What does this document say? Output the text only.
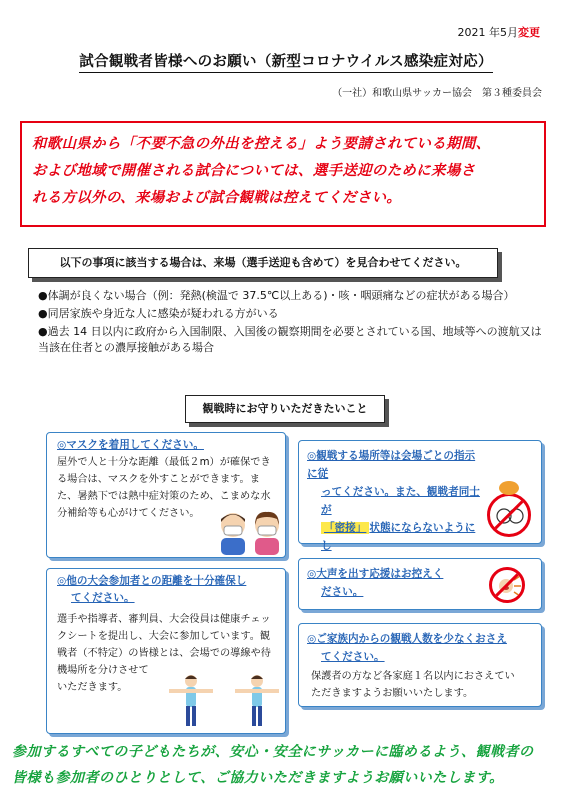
2021 年5月変更
試合観戦者皆様へのお願い（新型コロナウイルス感染症対応）
（一社）和歌山県サッカー協会　第３種委員会
和歌山県から「不要不急の外出を控える」よう要請されている期間、
および地域で開催される試合については、選手送迎のために来場さ
れる方以外の、来場および試合観戦は控えてください。
以下の事項に該当する場合は、来場（選手送迎も含めて）を見合わせてください。
●体調が良くない場合（例：発熱(検温で 37.5℃以上ある)・咳・咽頭痛などの症状がある場合）
●同居家族や身近な人に感染が疑われる方がいる
●過去 14 日以内に政府から入国制限、入国後の観察期間を必要とされている国、地域等への渡航又は当該在住者との濃厚接触がある場合
観戦時にお守りいただきたいこと
◎マスクを着用してください。
屋外で人と十分な距離（最低２m）が確保でき
る場合は、マスクを外すことができます。ま
た、暑熱下では熱中症対策のため、こまめな水
分補給等も心がけてください。
◎他の大会参加者との距離を十分確保し
てください。
選手や指導者、審判員、大会役員は健康チェッ
クシートを提出し、大会に参加しています。観
戦者（不特定）の皆様とは、会場での導線や待
機場所を分けさせて
いただきます。
◎観戦する場所等は会場ごとの指示に従
ってください。また、観戦者同士が
「密接」 状態にならないようにし
◎大声を出す応援はお控えく
ださい。
◎ご家族内からの観戦人数を少なくおさえ
てください。
保護者の方など各家庭１名以内におさえてい
ただきますようお願いいたします。
参加するすべての子どもたちが、安心・安全にサッカーに臨めるよう、観戦者の
皆様も参加者のひとりとして、ご協力いただきますようお願いいたします。
